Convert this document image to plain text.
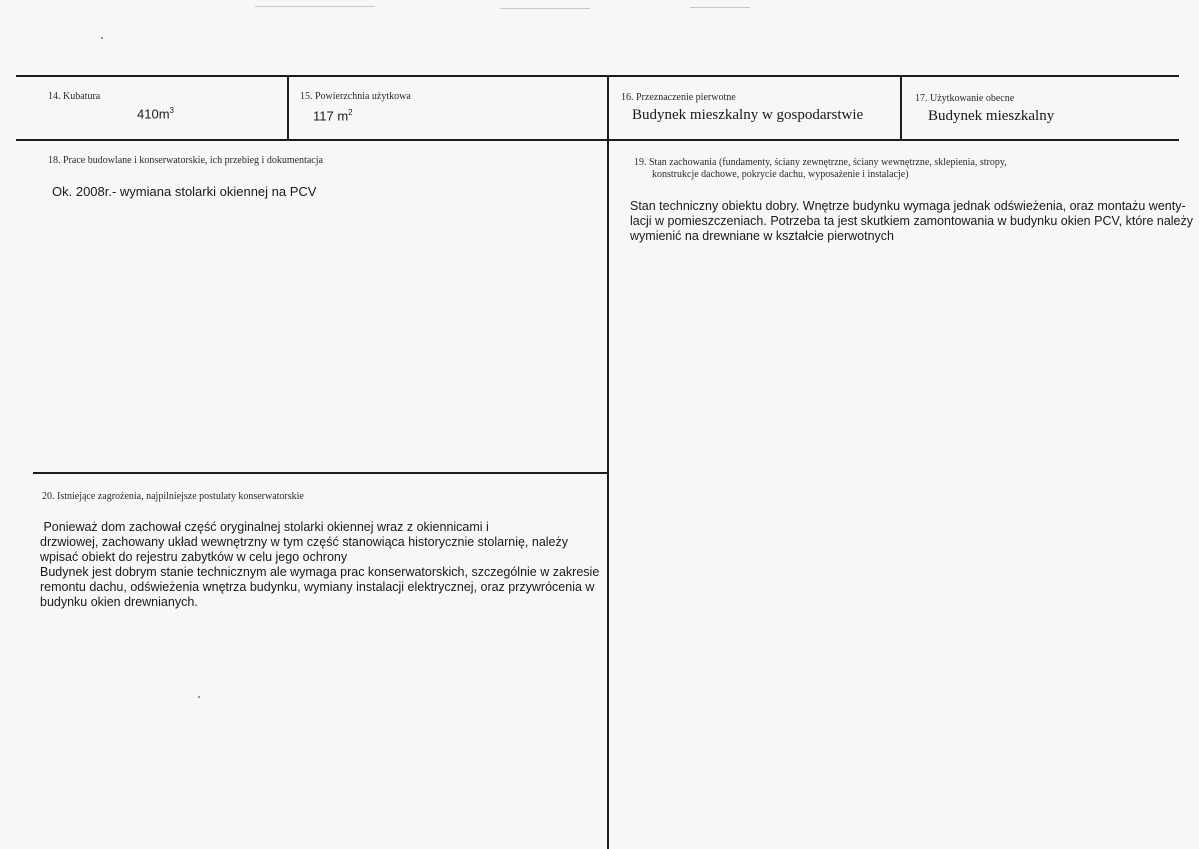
14. Kubatura
$410m^3$
15. Powierzchnia użytkowa
117 $m^2$
16. Przeznaczenie pierwotne
Budynek mieszkalny w gospodarstwie
17. Użytkowanie obecne
Budynek mieszkalny
18. Prace budowlane i konserwatorskie, ich przebieg i dokumentacja
Ok. 2008r.- wymiana stolarki okiennej na PCV
19. Stan zachowania (fundamenty, ściany zewnętrzne, ściany wewnętrzne, sklepienia, stropy,
konstrukcje dachowe, pokrycie dachu, wyposażenie i instalacje)
Stan techniczny obiektu dobry. Wnętrze budynku wymaga jednak odświeżenia, oraz montażu wenty-
lacji w pomieszczeniach. Potrzeba ta jest skutkiem zamontowania w budynku okien PCV, które należy
wymienić na drewniane w kształcie pierwotnych
20. Istniejące zagrożenia, najpilniejsze postulaty konserwatorskie
Ponieważ dom zachował część oryginalnej stolarki okiennej wraz z okiennicami i
drzwiowej, zachowany układ wewnętrzny w tym część stanowiąca historycznie stolarnię, należy
wpisać obiekt do rejestru zabytków w celu jego ochrony
Budynek jest dobrym stanie technicznym ale wymaga prac konserwatorskich, szczególnie w zakresie
remontu dachu, odświeżenia wnętrza budynku, wymiany instalacji elektrycznej, oraz przywrócenia w
budynku okien drewnianych.
